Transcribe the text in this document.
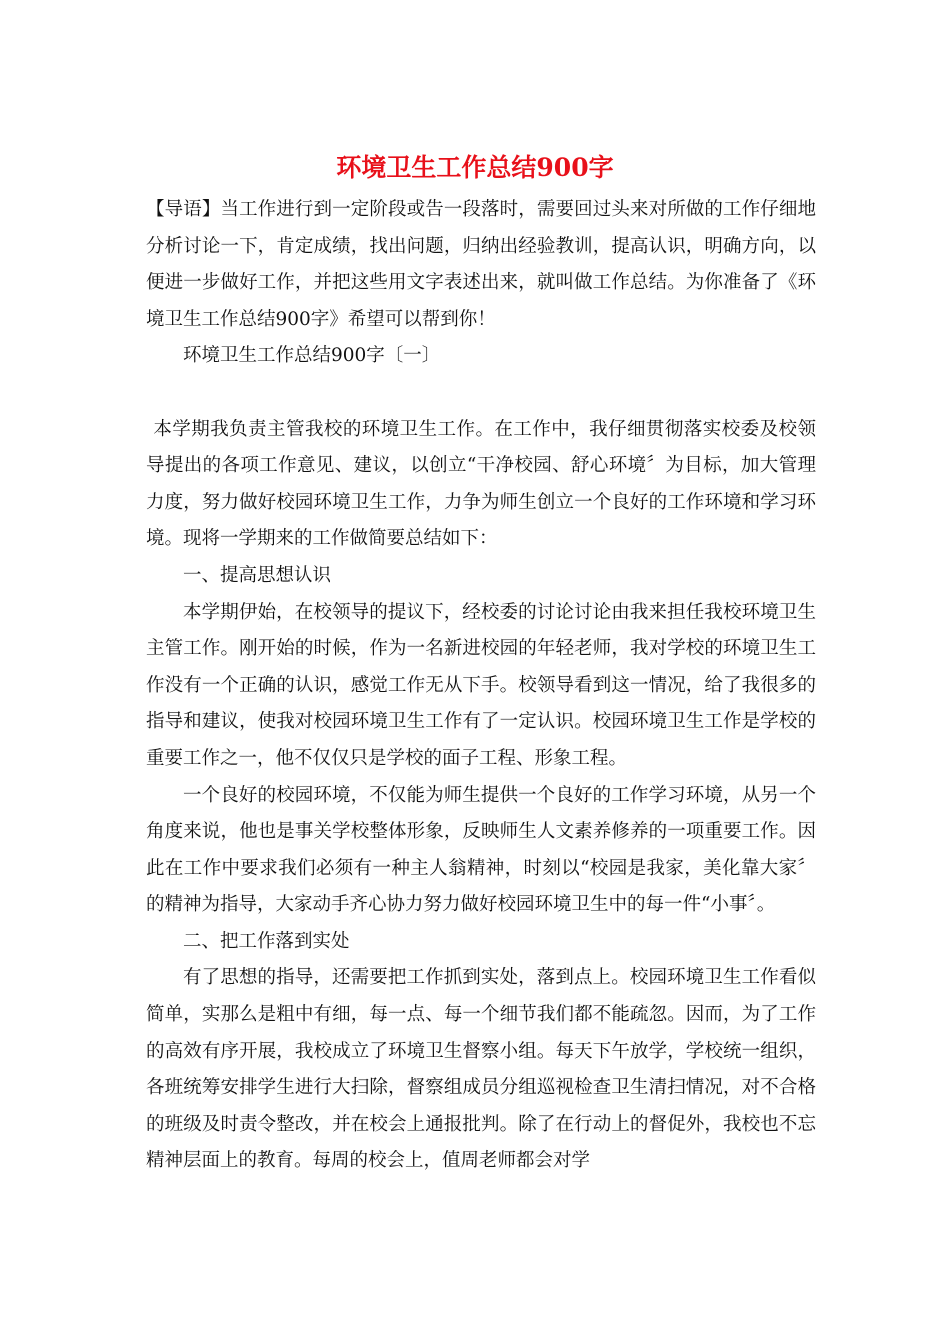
环境卫生工作总结900字

【导语】当工作进行到一定阶段或告一段落时，需要回过头来对所做的工作仔细地分析讨论一下，肯定成绩，找出问题，归纳出经验教训，提高认识，明确方向，以便进一步做好工作，并把这些用文字表述出来，就叫做工作总结。为你准备了《环境卫生工作总结900字》希望可以帮到你！

环境卫生工作总结900字〔一〕

本学期我负责主管我校的环境卫生工作。在工作中，我仔细贯彻落实校委及校领导提出的各项工作意见、建议，以创立“干净校园、舒心环境〞为目标，加大管理力度，努力做好校园环境卫生工作，力争为师生创立一个良好的工作环境和学习环境。现将一学期来的工作做简要总结如下：

一、提高思想认识

本学期伊始，在校领导的提议下，经校委的讨论讨论由我来担任我校环境卫生主管工作。刚开始的时候，作为一名新进校园的年轻老师，我对学校的环境卫生工作没有一个正确的认识，感觉工作无从下手。校领导看到这一情况，给了我很多的指导和建议，使我对校园环境卫生工作有了一定认识。校园环境卫生工作是学校的重要工作之一，他不仅仅只是学校的面子工程、形象工程。

一个良好的校园环境，不仅能为师生提供一个良好的工作学习环境，从另一个角度来说，他也是事关学校整体形象，反映师生人文素养修养的一项重要工作。因此在工作中要求我们必须有一种主人翁精神，时刻以“校园是我家，美化靠大家〞的精神为指导，大家动手齐心协力努力做好校园环境卫生中的每一件“小事〞。

二、把工作落到实处

有了思想的指导，还需要把工作抓到实处，落到点上。校园环境卫生工作看似简单，实那么是粗中有细，每一点、每一个细节我们都不能疏忽。因而，为了工作的高效有序开展，我校成立了环境卫生督察小组。每天下午放学，学校统一组织，各班统筹安排学生进行大扫除，督察组成员分组巡视检查卫生清扫情况，对不合格的班级及时责令整改，并在校会上通报批判。除了在行动上的督促外，我校也不忘精神层面上的教育。每周的校会上，值周老师都会对学
